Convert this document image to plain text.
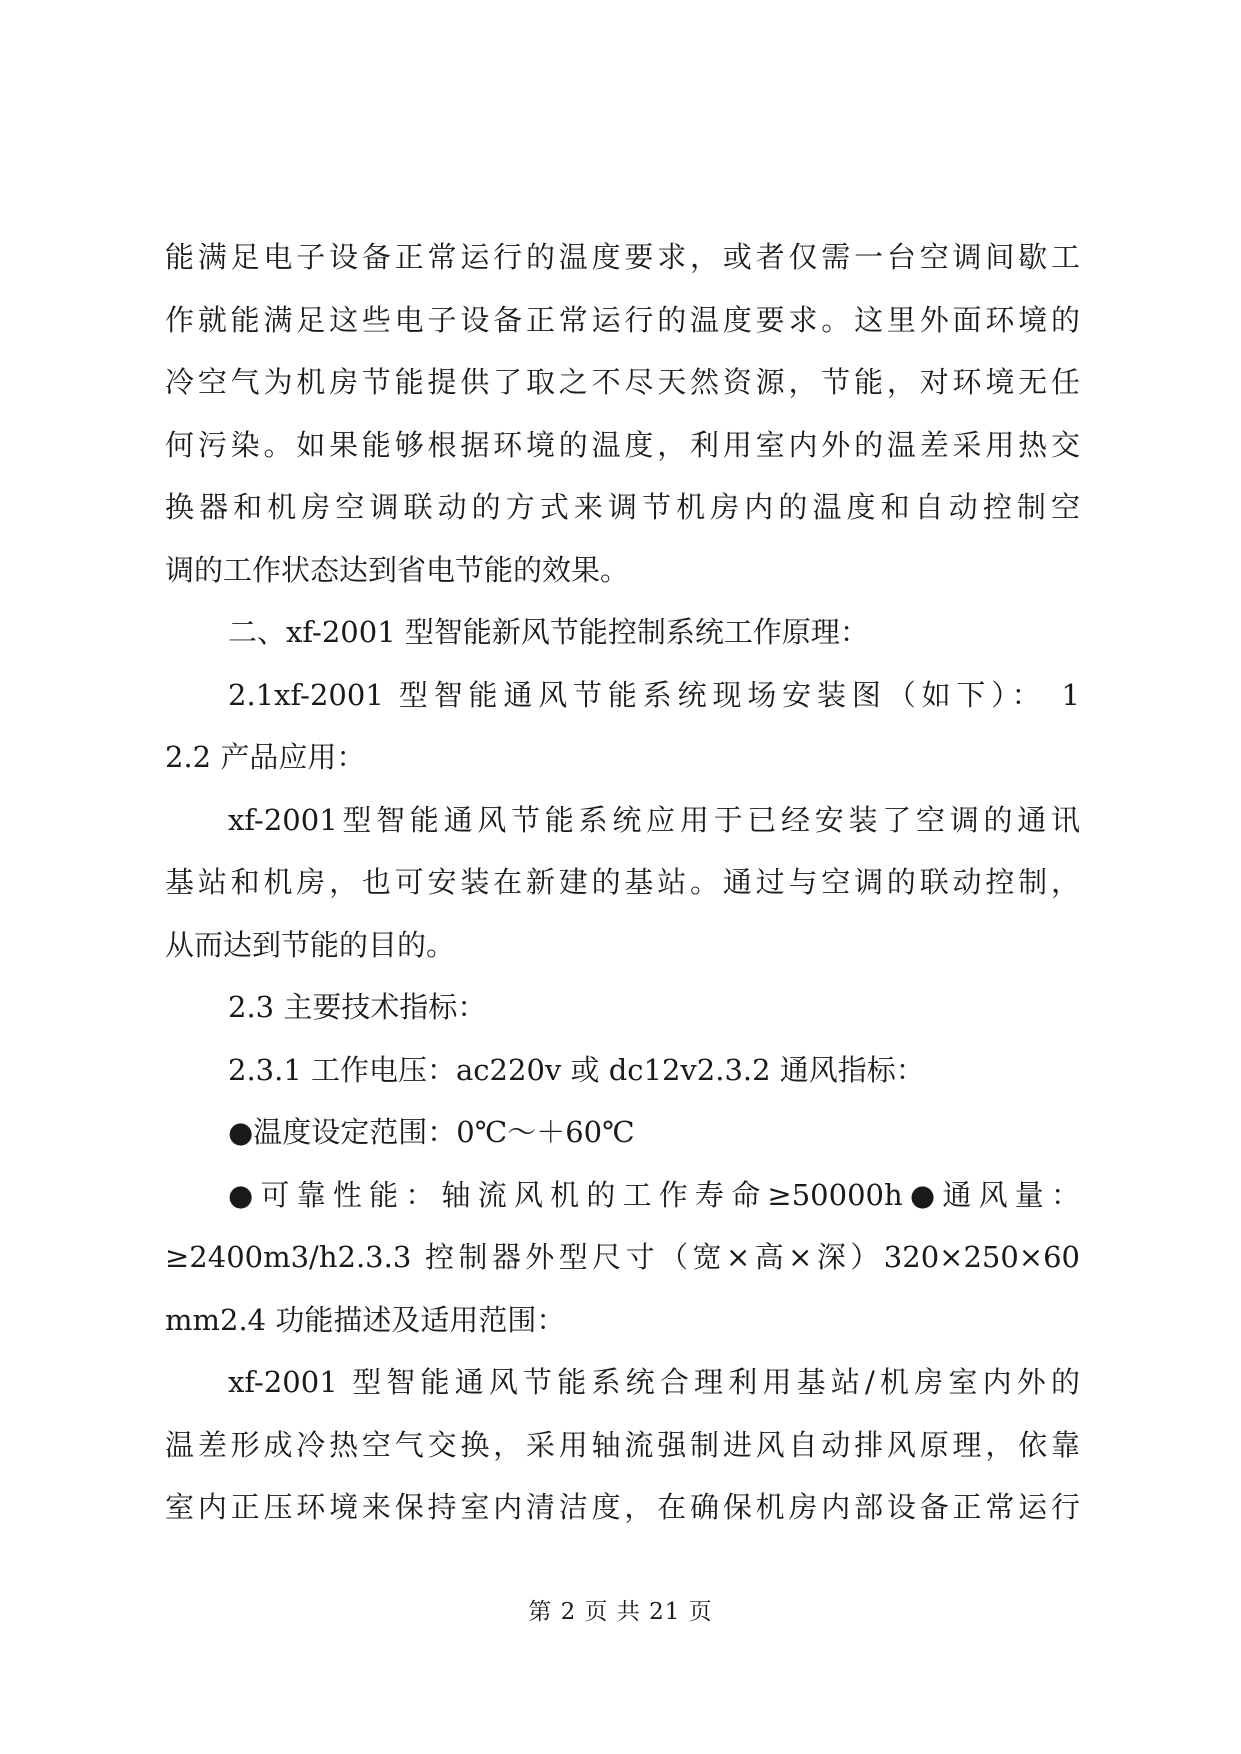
能满足电子设备正常运行的温度要求，或者仅需一台空调间歇工
作就能满足这些电子设备正常运行的温度要求。这里外面环境的
冷空气为机房节能提供了取之不尽天然资源，节能，对环境无任
何污染。如果能够根据环境的温度，利用室内外的温差采用热交
换器和机房空调联动的方式来调节机房内的温度和自动控制空
调的工作状态达到省电节能的效果。
二、xf-2001 型智能新风节能控制系统工作原理：
2.1xf-2001 型智能通风节能系统现场安装图（如下）： 1
2.2 产品应用：
xf-2001型智能通风节能系统应用于已经安装了空调的通讯
基站和机房，也可安装在新建的基站。通过与空调的联动控制，
从而达到节能的目的。
2.3 主要技术指标：
2.3.1 工作电压：ac220v 或 dc12v2.3.2 通风指标：
●温度设定范围：0℃～＋60℃
●可靠性能：轴流风机的工作寿命≥50000h●通风量：
≥2400m3/h2.3.3 控制器外型尺寸（宽×高×深）320×250×60
mm2.4 功能描述及适用范围：
xf-2001 型智能通风节能系统合理利用基站/机房室内外的
温差形成冷热空气交换，采用轴流强制进风自动排风原理，依靠
室内正压环境来保持室内清洁度，在确保机房内部设备正常运行
第 2 页 共 21 页
